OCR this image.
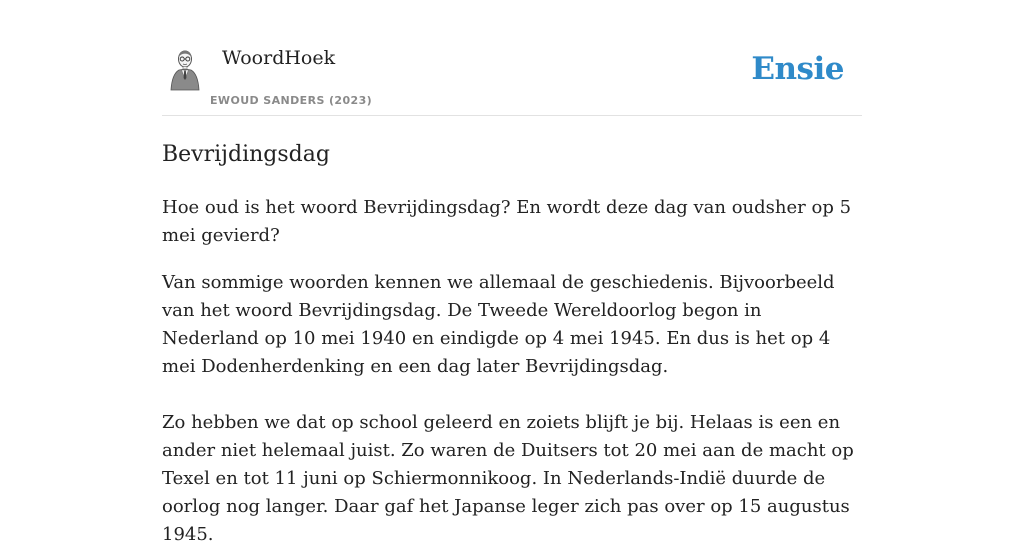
WoordHoek
EWOUD SANDERS (2023)
Ensie
Bevrijdingsdag

Hoe oud is het woord Bevrijdingsdag? En wordt deze dag van oudsher op 5 mei gevierd?

Van sommige woorden kennen we allemaal de geschiedenis. Bijvoorbeeld van het woord Bevrijdingsdag. De Tweede Wereldoorlog begon in Nederland op 10 mei 1940 en eindigde op 4 mei 1945. En dus is het op 4 mei Dodenherdenking en een dag later Bevrijdingsdag.

Zo hebben we dat op school geleerd en zoiets blijft je bij. Helaas is een en ander niet helemaal juist. Zo waren de Duitsers tot 20 mei aan de macht op Texel en tot 11 juni op Schiermonnikoog. In Nederlands-Indië duurde de oorlog nog langer. Daar gaf het Japanse leger zich pas over op 15 augustus 1945.
